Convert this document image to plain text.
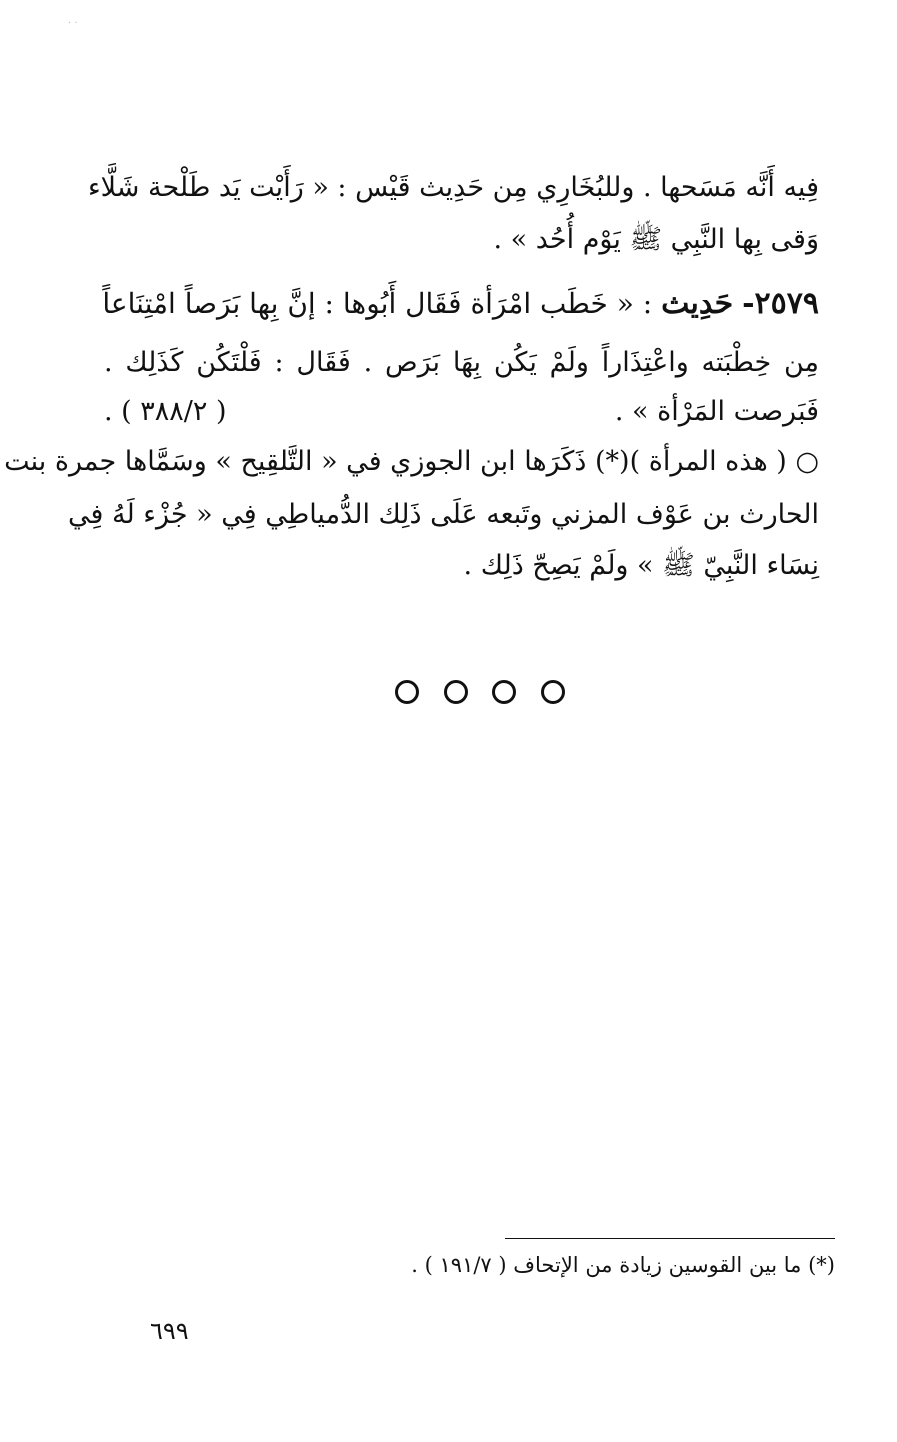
· ·
فِيه أَنَّه مَسَحها . وللبُخَارِي مِن حَدِيث قَيْس : « رَأَيْت يَد طَلْحة شَلَّاء
وَقى بِها النَّبِي ﷺ يَوْم أُحُد » .
٢٥٧٩- حَدِيث : « خَطَب امْرَأة فَقَال أَبُوها : إنَّ بِها بَرَصاً امْتِنَاعاً
مِن خِطْبَته واعْتِذَاراً ولَمْ يَكُن بِهَا بَرَص . فَقَال : فَلْتَكُن كَذَلِك .
فَبَرصت المَرْأة » .
( ٣٨٨/٢ ) .
○ ( هذه المرأة )(*) ذَكَرَها ابن الجوزي في « التَّلقِيح » وسَمَّاها جمرة بنت
الحارث بن عَوْف المزني وتَبعه عَلَى ذَلِك الدُّمياطِي فِي « جُزْء لَهُ فِي
نِسَاء النَّبِيّ ﷺ » ولَمْ يَصِحّ ذَلِك .
(*) ما بين القوسين زيادة من الإتحاف ( ١٩١/٧ ) .
٦٩٩
